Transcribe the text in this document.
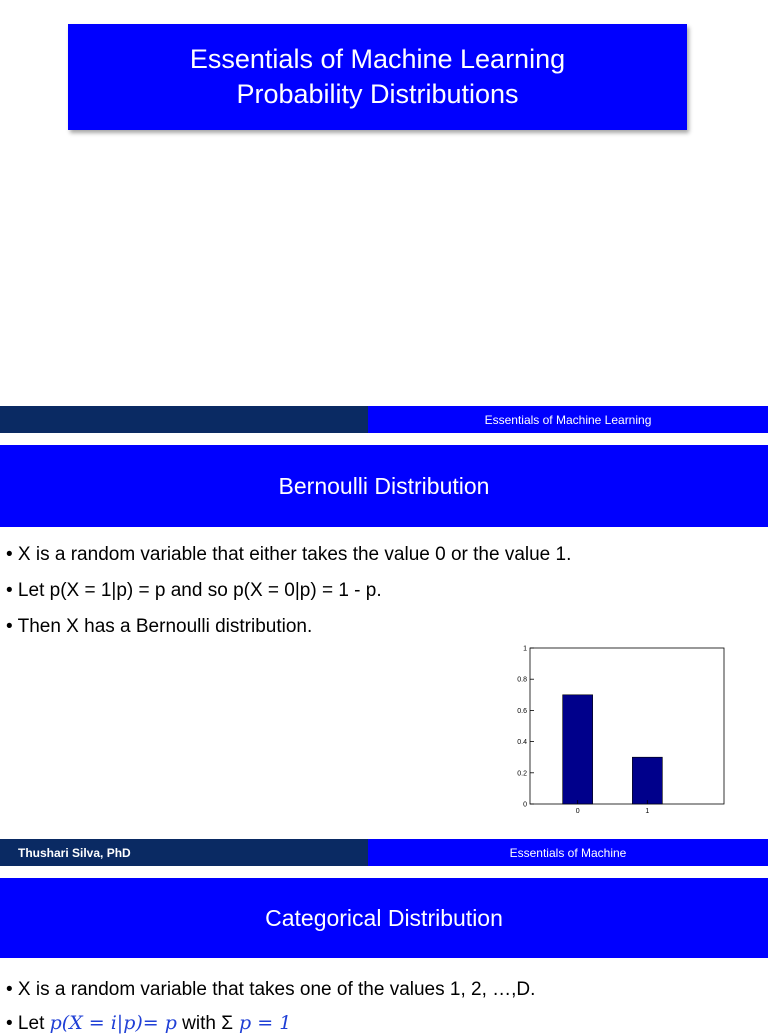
Essentials of Machine Learning
Probability Distributions
Essentials of Machine Learning
Bernoulli Distribution
• X is a random variable that either takes the value 0 or the value 1.
• Let p(X = 1|p) = p and so p(X = 0|p) = 1 - p.
• Then X has a Bernoulli distribution.
0
0.2
0.4
0.6
0.8
1
0	1
Thushari Silva, PhD	Essentials of Machine
Categorical Distribution
• X is a random variable that takes one of the values 1, 2, …,D.
• Let p(X = i|p)= p with Σ p = 1
